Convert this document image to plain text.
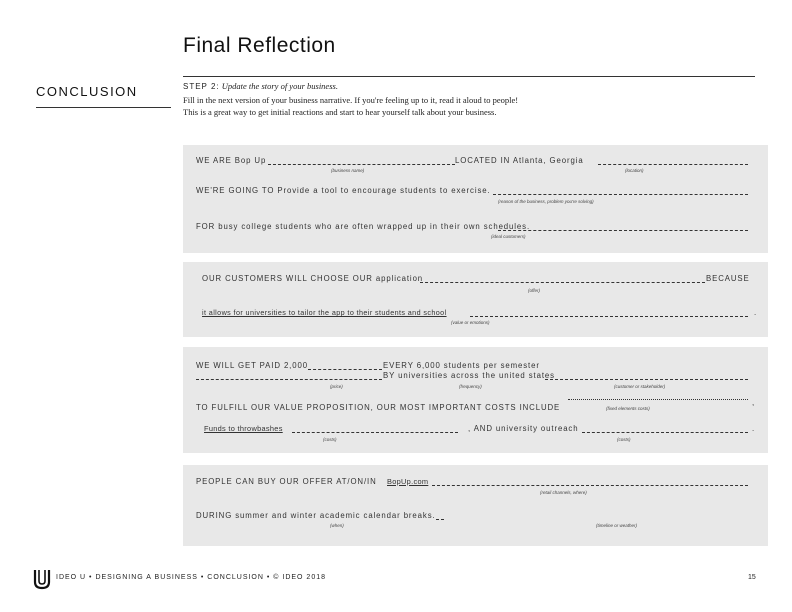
Final Reflection
CONCLUSION	STEP 2: Update the story of your business.
Fill in the next version of your business narrative. If you're feeling up to it, read it aloud to people!
This is a great way to get initial reactions and start to hear yourself talk about your business.
WE ARE Bop Up
(business name)
LOCATED IN Atlanta, Georgia
(location)
WE'RE GOING TO Provide a tool to encourage students to exercise.
(reason of the business, problem you're solving)
FOR busy college students who are often wrapped up in their own schedules.
(ideal customers)
OUR CUSTOMERS WILL CHOOSE OUR application	BECAUSE
(offer)
it allows for universities to tailor the app to their students and school	.
(value or emotions)
WE WILL GET PAID 2,000	EVERY 6,000 students per semester
BY universities across the united states
(price)	(frequency)	(customer or stakeholder)
TO FULFILL OUR VALUE PROPOSITION, OUR MOST IMPORTANT COSTS INCLUDE
,
(fixed elements costs)
Funds to throwbashes	, AND university outreach	.
(costs)	(costs)
PEOPLE CAN BUY OUR OFFER AT/ON/IN BopUp.com
(retail channels, where)
DURING summer and winter academic calendar breaks.
(when)	(timeline or weather)
IDEO U • DESIGNING A BUSINESS • CONCLUSION • © IDEO 2018	15
